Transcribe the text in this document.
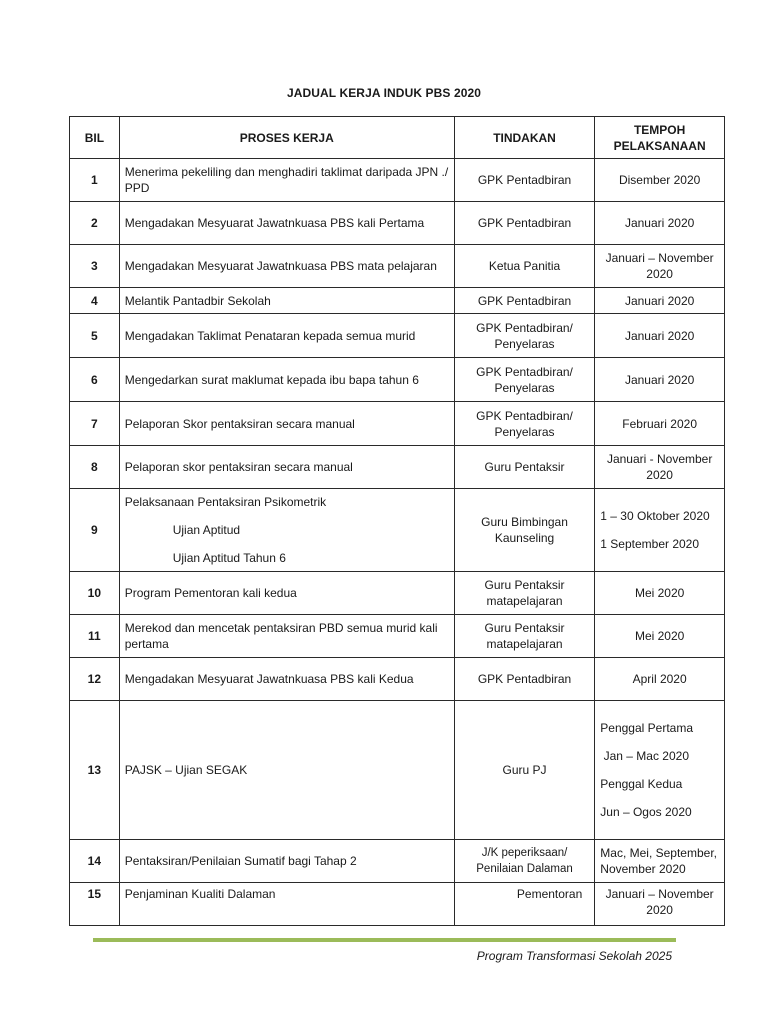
JADUAL KERJA INDUK PBS 2020
BIL	PROSES KERJA	TINDAKAN	TEMPOH PELAKSANAAN
1	Menerima pekeliling dan menghadiri taklimat daripada JPN ./ PPD	GPK Pentadbiran	Disember 2020
2	Mengadakan Mesyuarat Jawatnkuasa PBS kali Pertama	GPK Pentadbiran	Januari 2020
3	Mengadakan Mesyuarat Jawatnkuasa PBS mata pelajaran	Ketua Panitia	Januari – November 2020
4	Melantik Pantadbir Sekolah	GPK Pentadbiran	Januari 2020
5	Mengadakan Taklimat Penataran kepada semua murid	GPK Pentadbiran/ Penyelaras	Januari 2020
6	Mengedarkan surat maklumat kepada ibu bapa tahun 6	GPK Pentadbiran/ Penyelaras	Januari 2020
7	Pelaporan Skor pentaksiran secara manual	GPK Pentadbiran/ Penyelaras	Februari 2020
8	Pelaporan skor pentaksiran secara manual	Guru Pentaksir	Januari - November 2020
9	Pelaksanaan Pentaksiran Psikometrik
Ujian Aptitud
Ujian Aptitud Tahun 6	Guru Bimbingan Kaunseling	1 – 30 Oktober 2020
1 September 2020

10	Program Pementoran kali kedua	Guru Pentaksir matapelajaran	Mei 2020
11	Merekod dan mencetak pentaksiran PBD semua murid kali pertama	Guru Pentaksir matapelajaran	Mei 2020
12	Mengadakan Mesyuarat Jawatnkuasa PBS kali Kedua	GPK Pentadbiran	April 2020
13	PAJSK – Ujian SEGAK	Guru PJ	Penggal Pertama
Jan – Mac 2020
Penggal Kedua
Jun – Ogos 2020

14	Pentaksiran/Penilaian Sumatif bagi Tahap 2	J/K peperiksaan/ Penilaian Dalaman	Mac, Mei, September, November 2020
15	Penjaminan Kualiti Dalaman	Pementoran	Januari – November 2020
Program Transformasi Sekolah 2025
